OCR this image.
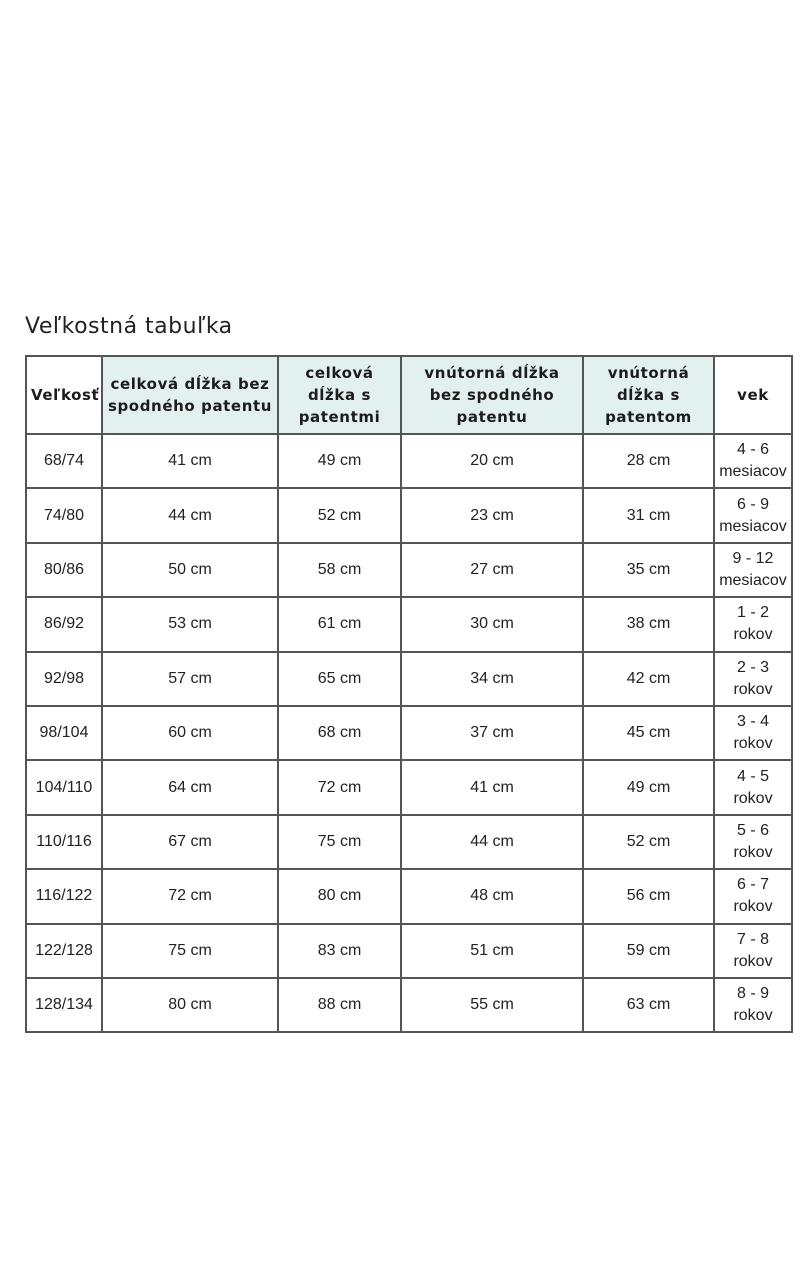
Veľkostná tabuľka
Veľkosť	celková dĺžka bez spodného patentu	celková dĺžka s patentmi	vnútorná dĺžka bez spodného patentu	vnútorná dĺžka s patentom	vek
68/74	41 cm	49 cm	20 cm	28 cm	4 - 6 mesiacov
74/80	44 cm	52 cm	23 cm	31 cm	6 - 9 mesiacov
80/86	50 cm	58 cm	27 cm	35 cm	9 - 12 mesiacov
86/92	53 cm	61 cm	30 cm	38 cm	1 - 2 rokov
92/98	57 cm	65 cm	34 cm	42 cm	2 - 3 rokov
98/104	60 cm	68 cm	37 cm	45 cm	3 - 4 rokov
104/110	64 cm	72 cm	41 cm	49 cm	4 - 5 rokov
110/116	67 cm	75 cm	44 cm	52 cm	5 - 6 rokov
116/122	72 cm	80 cm	48 cm	56 cm	6 - 7 rokov
122/128	75 cm	83 cm	51 cm	59 cm	7 - 8 rokov
128/134	80 cm	88 cm	55 cm	63 cm	8 - 9 rokov
